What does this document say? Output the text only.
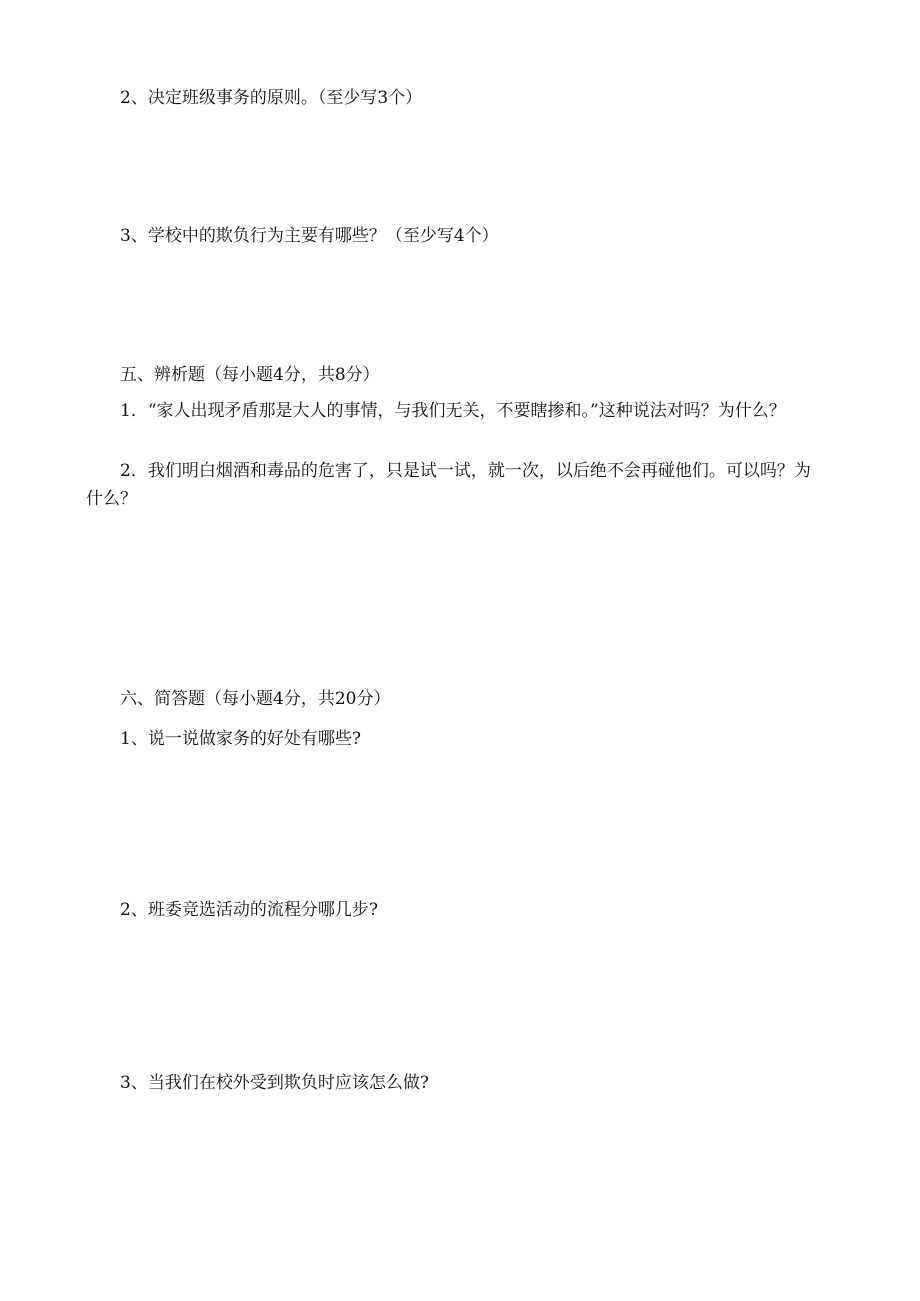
2、决定班级事务的原则。（至少写3个）
3、学校中的欺负行为主要有哪些？（至少写4个）
五、辨析题（每小题4分，共8分）
1．“家人出现矛盾那是大人的事情，与我们无关，不要瞎掺和。”这种说法对吗？为什么？
2．我们明白烟酒和毒品的危害了，只是试一试，就一次，以后绝不会再碰他们。可以吗？为什么？
六、简答题（每小题4分，共20分）
1、说一说做家务的好处有哪些?
2、班委竞选活动的流程分哪几步?
3、当我们在校外受到欺负时应该怎么做?
